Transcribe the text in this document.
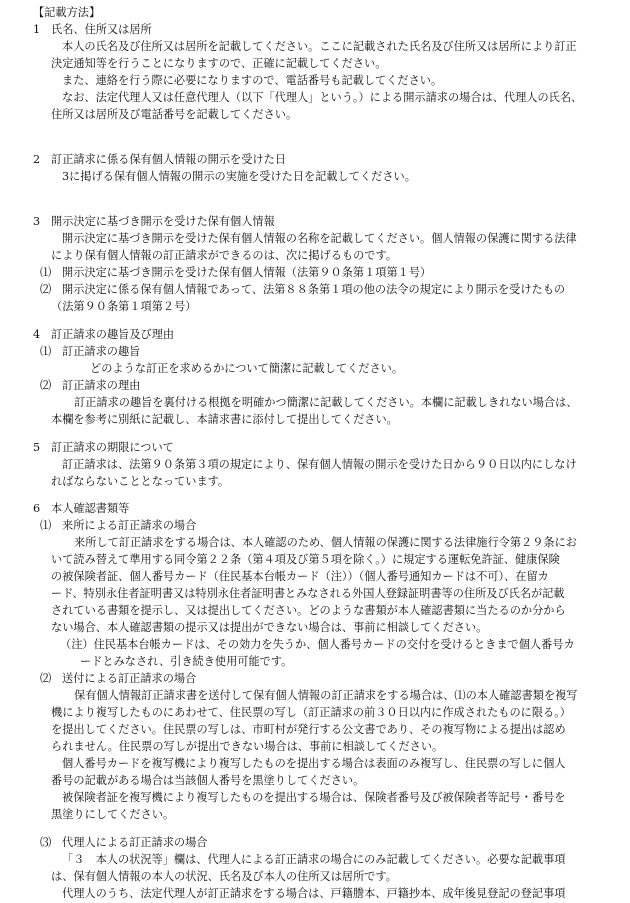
【記載方法】
1 氏名、住所又は居所
本人の氏名及び住所又は居所を記載してください。ここに記載された氏名及び住所又は居所により訂正
決定通知等を行うことになりますので、正確に記載してください。
また、連絡を行う際に必要になりますので、電話番号も記載してください。
なお、法定代理人又は任意代理人（以下「代理人」という。）による開示請求の場合は、代理人の氏名、
住所又は居所及び電話番号を記載してください。
2 訂正請求に係る保有個人情報の開示を受けた日
3に掲げる保有個人情報の開示の実施を受けた日を記載してください。
3 開示決定に基づき開示を受けた保有個人情報
開示決定に基づき開示を受けた保有個人情報の名称を記載してください。個人情報の保護に関する法律
により保有個人情報の訂正請求ができるのは、次に掲げるものです。
⑴ 開示決定に基づき開示を受けた保有個人情報（法第９０条第１項第１号）
⑵ 開示決定に係る保有個人情報であって、法第８８条第１項の他の法令の規定により開示を受けたもの
（法第９０条第１項第２号）
4 訂正請求の趣旨及び理由
⑴ 訂正請求の趣旨
どのような訂正を求めるかについて簡潔に記載してください。
⑵ 訂正請求の理由
訂正請求の趣旨を裏付ける根拠を明確かつ簡潔に記載してください。本欄に記載しきれない場合は、
本欄を参考に別紙に記載し、本請求書に添付して提出してください。
5 訂正請求の期限について
訂正請求は、法第９０条第３項の規定により、保有個人情報の開示を受けた日から９０日以内にしなけ
ればならないこととなっています。
6 本人確認書類等
⑴ 来所による訂正請求の場合
来所して訂正請求をする場合は、本人確認のため、個人情報の保護に関する法律施行令第２９条にお
いて読み替えて準用する同令第２２条（第４項及び第５項を除く。）に規定する運転免許証、健康保険
の被保険者証、個人番号カード（住民基本台帳カード（注））（個人番号通知カードは不可）、在留カ
ード、特別永住者証明書又は特別永住者証明書とみなされる外国人登録証明書等の住所及び氏名が記載
されている書類を提示し、又は提出してください。どのような書類が本人確認書類に当たるのか分から
ない場合、本人確認書類の提示又は提出ができない場合は、事前に相談してください。
（注）住民基本台帳カードは、その効力を失うか、個人番号カードの交付を受けるときまで個人番号カ
ードとみなされ、引き続き使用可能です。
⑵ 送付による訂正請求の場合
保有個人情報訂正請求書を送付して保有個人情報の訂正請求をする場合は、⑴の本人確認書類を複写
機により複写したものにあわせて、住民票の写し（訂正請求の前３０日以内に作成されたものに限る。）
を提出してください。住民票の写しは、市町村が発行する公文書であり、その複写物による提出は認め
られません。住民票の写しが提出できない場合は、事前に相談してください。
個人番号カードを複写機により複写したものを提出する場合は表面のみ複写し、住民票の写しに個人
番号の記載がある場合は当該個人番号を黒塗りしてください。
被保険者証を複写機により複写したものを提出する場合は、保険者番号及び被保険者等記号・番号を
黒塗りにしてください。
⑶ 代理人による訂正請求の場合
「３　本人の状況等」欄は、代理人による訂正請求の場合にのみ記載してください。必要な記載事項
は、保有個人情報の本人の状況、氏名及び本人の住所又は居所です。
代理人のうち、法定代理人が訂正請求をする場合は、戸籍謄本、戸籍抄本、成年後見登記の登記事項
